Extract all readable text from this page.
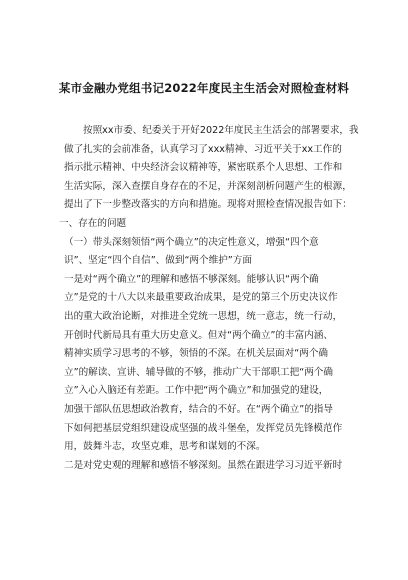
某市金融办党组书记2022年度民主生活会对照检查材料
按照xx市委、纪委关于开好2022年度民主生活会的部署要求，我
做了扎实的会前准备，认真学习了xxx精神、习近平关于xx工作的
指示批示精神、中央经济会议精神等，紧密联系个人思想、工作和
生活实际，深入查摆自身存在的不足，并深刻剖析问题产生的根源，
提出了下一步整改落实的方向和措施。现将对照检查情况报告如下：
一、存在的问题
（一）带头深刻领悟“两个确立”的决定性意义，增强“四个意
识”、坚定“四个自信”、做到“两个维护”方面
一是对“两个确立”的理解和感悟不够深刻。能够认识“两个确
立”是党的十八大以来最重要政治成果，是党的第三个历史决议作
出的重大政治论断，对推进全党统一思想，统一意志，统一行动，
开创时代新局具有重大历史意义。但对“两个确立”的丰富内涵、
精神实质学习思考的不够，领悟的不深。在机关层面对“两个确
立”的解读、宣讲、辅导做的不够，推动广大干部职工把“两个确
立”入心入脑还有差距。工作中把“两个确立”和加强党的建设，
加强干部队伍思想政治教育，结合的不好。在“两个确立”的指导
下如何把基层党组织建设成坚强的战斗堡垒，发挥党员先锋模范作
用，鼓舞斗志，攻坚克难，思考和谋划的不深。
二是对党史观的理解和感悟不够深刻。虽然在跟进学习习近平新时
